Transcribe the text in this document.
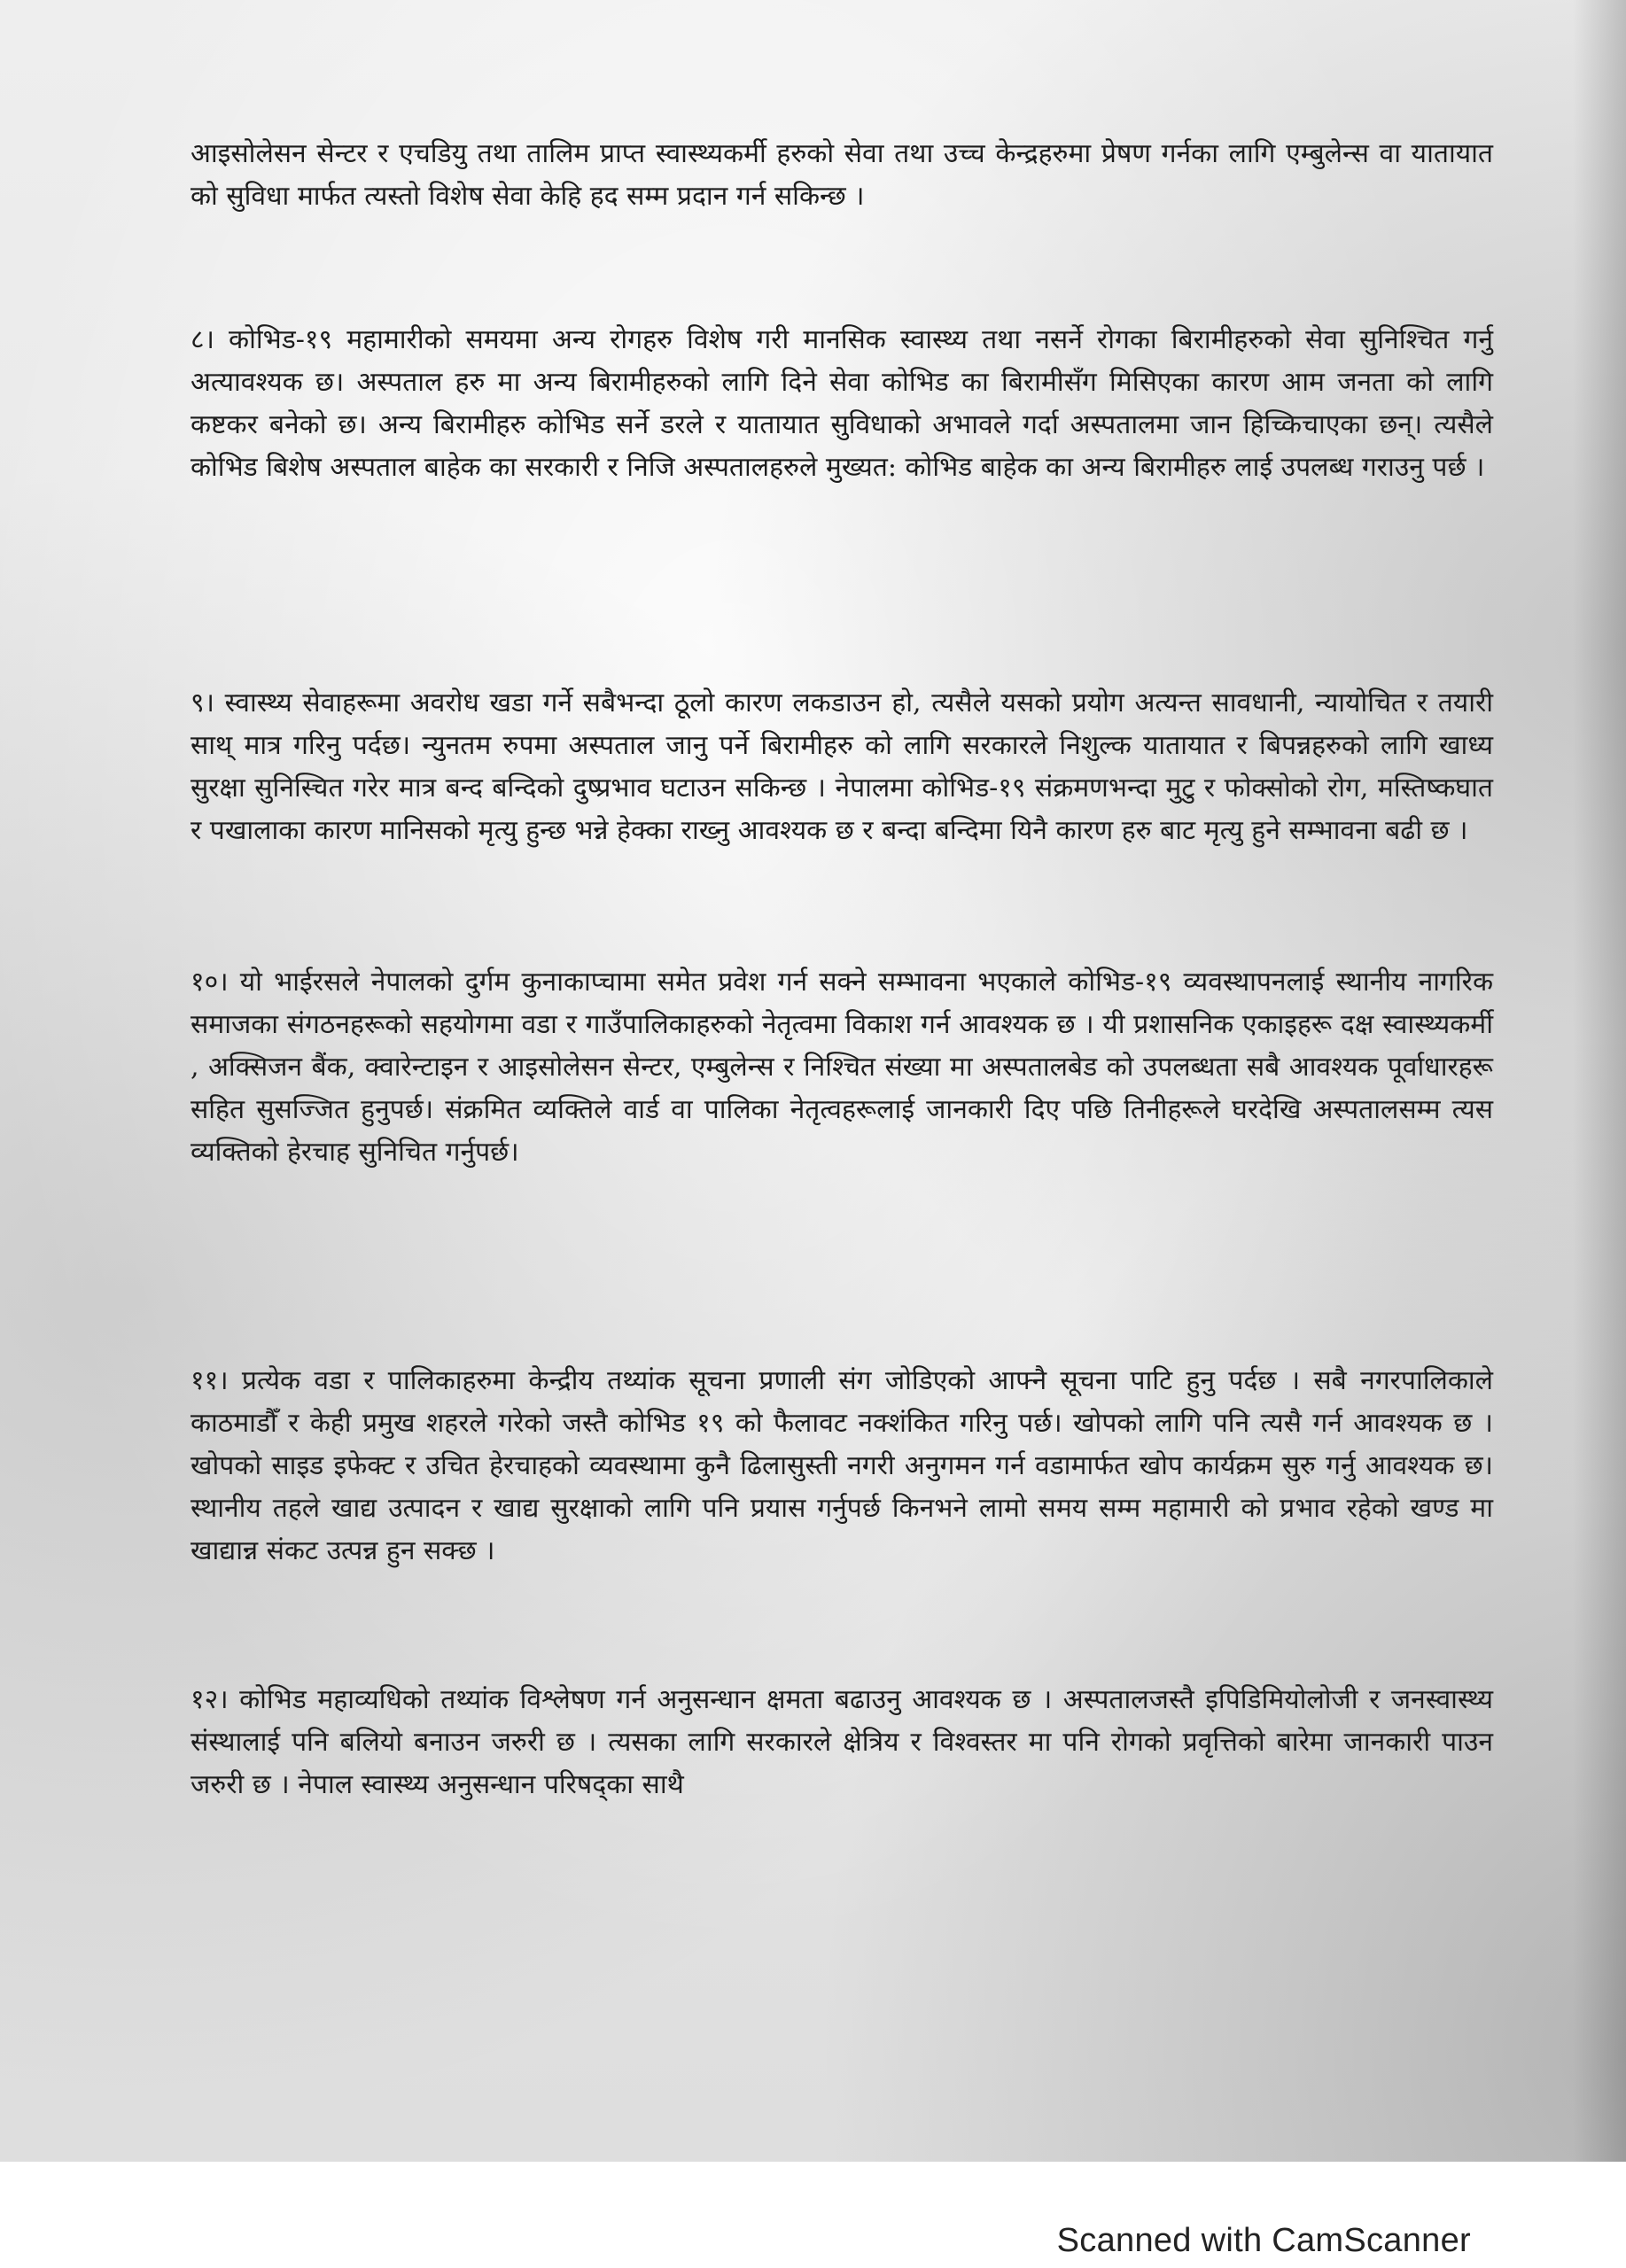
आइसोलेसन सेन्टर र एचडियु तथा तालिम प्राप्त स्वास्थ्यकर्मी हरुको सेवा तथा उच्च केन्द्रहरुमा प्रेषण गर्नका लागि एम्बुलेन्स वा यातायात को सुविधा मार्फत त्यस्तो विशेष सेवा केहि हद सम्म प्रदान गर्न सकिन्छ ।

८। कोभिड-१९ महामारीको समयमा अन्य रोगहरु विशेष गरी मानसिक स्वास्थ्य तथा नसर्ने रोगका बिरामीहरुको सेवा सुनिश्चित गर्नु अत्यावश्यक छ। अस्पताल हरु मा अन्य बिरामीहरुको लागि दिने सेवा कोभिड का बिरामीसँग मिसिएका कारण आम जनता को लागि कष्टकर बनेको छ। अन्य बिरामीहरु कोभिड सर्ने डरले र यातायात सुविधाको अभावले गर्दा अस्पतालमा जान हिच्किचाएका छन्। त्यसैले कोभिड बिशेष अस्पताल बाहेक का सरकारी र निजि अस्पतालहरुले मुख्यत: कोभिड बाहेक का अन्य बिरामीहरु लाई उपलब्ध गराउनु पर्छ ।

९। स्वास्थ्य सेवाहरूमा अवरोध खडा गर्ने सबैभन्दा ठूलो कारण लकडाउन हो, त्यसैले यसको प्रयोग अत्यन्त सावधानी, न्यायोचित र तयारी साथ् मात्र गरिनु पर्दछ। न्युनतम रुपमा अस्पताल जानु पर्ने बिरामीहरु को लागि सरकारले निशुल्क यातायात र बिपन्नहरुको लागि खाध्य सुरक्षा सुनिस्चित गरेर मात्र बन्द बन्दिको दुष्प्रभाव घटाउन सकिन्छ । नेपालमा कोभिड-१९ संक्रमणभन्दा मुटु र फोक्सोको रोग, मस्तिष्कघात र पखालाका कारण मानिसको मृत्यु हुन्छ भन्ने हेक्का राख्नु आवश्यक छ र बन्दा बन्दिमा यिनै कारण हरु बाट मृत्यु हुने सम्भावना बढी छ ।

१०। यो भाईरसले नेपालको दुर्गम कुनाकाप्चामा समेत प्रवेश गर्न सक्ने सम्भावना भएकाले कोभिड-१९ व्यवस्थापनलाई स्थानीय नागरिक समाजका संगठनहरूको सहयोगमा वडा र गाउँपालिकाहरुको नेतृत्वमा विकाश गर्न आवश्यक छ । यी प्रशासनिक एकाइहरू दक्ष स्वास्थ्यकर्मी , अक्सिजन बैंक, क्वारेन्टाइन र आइसोलेसन सेन्टर, एम्बुलेन्स र निश्चित संख्या मा अस्पतालबेड को उपलब्धता सबै आवश्यक पूर्वाधारहरू सहित सुसज्जित हुनुपर्छ। संक्रमित व्यक्तिले वार्ड वा पालिका नेतृत्वहरूलाई जानकारी दिए पछि तिनीहरूले घरदेखि अस्पतालसम्म त्यस व्यक्तिको हेरचाह सुनिचित गर्नुपर्छ।

११। प्रत्येक वडा र पालिकाहरुमा केन्द्रीय तथ्यांक सूचना प्रणाली संग जोडिएको आफ्नै सूचना पाटि हुनु पर्दछ । सबै नगरपालिकाले काठमाडौँ र केही प्रमुख शहरले गरेको जस्तै कोभिड १९ को फैलावट नक्शंकित गरिनु पर्छ। खोपको लागि पनि त्यसै गर्न आवश्यक छ । खोपको साइड इफेक्ट र उचित हेरचाहको व्यवस्थामा कुनै ढिलासुस्ती नगरी अनुगमन गर्न वडामार्फत खोप कार्यक्रम सुरु गर्नु आवश्यक छ। स्थानीय तहले खाद्य उत्पादन र खाद्य सुरक्षाको लागि पनि प्रयास गर्नुपर्छ किनभने लामो समय सम्म महामारी को प्रभाव रहेको खण्ड मा खाद्यान्न संकट उत्पन्न हुन सक्छ ।

१२। कोभिड महाव्यधिको तथ्यांक विश्लेषण गर्न अनुसन्धान क्षमता बढाउनु आवश्यक छ । अस्पतालजस्तै इपिडिमियोलोजी र जनस्वास्थ्य संस्थालाई पनि बलियो बनाउन जरुरी छ । त्यसका लागि सरकारले क्षेत्रिय र विश्वस्तर मा पनि रोगको प्रवृत्तिको बारेमा जानकारी पाउन जरुरी छ । नेपाल स्वास्थ्य अनुसन्धान परिषद्का साथै

Scanned with CamScanner
